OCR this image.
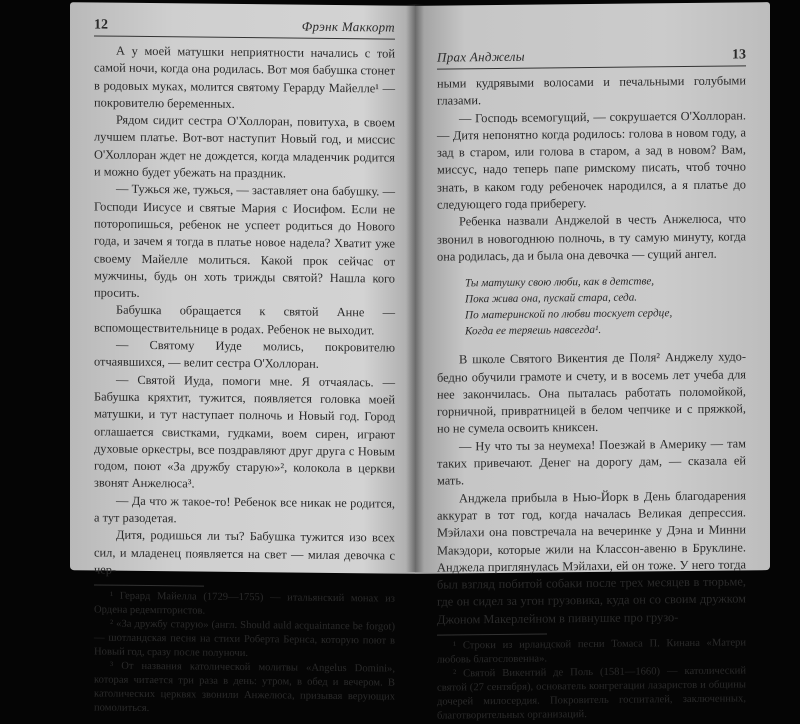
12	Фрэнк Маккорт

А у моей матушки неприятности начались с той самой ночи, когда она родилась. Вот моя бабушка стонет в родовых муках, молится святому Герарду Майелле¹ — покровителю беременных.

Рядом сидит сестра О'Холлоран, повитуха, в своем лучшем платье. Вот-вот наступит Новый год, и миссис О'Холлоран ждет не дождется, когда младенчик родится и можно будет убежать на праздник.

— Тужься же, тужься, — заставляет она бабушку. — Господи Иисусе и святые Мария с Иосифом. Если не поторопишься, ребенок не успеет родиться до Нового года, и зачем я тогда в платье новое надела? Хватит уже своему Майелле молиться. Какой прок сейчас от мужчины, будь он хоть трижды святой? Нашла кого просить.

Бабушка обращается к святой Анне — вспомоществительнице в родах. Ребенок не выходит.

— Святому Иуде молись, покровителю отчаявшихся, — велит сестра О'Холлоран.

— Святой Иуда, помоги мне. Я отчаялась. — Бабушка кряхтит, тужится, появляется головка моей матушки, и тут наступает полночь и Новый год. Город оглашается свистками, гудками, воем сирен, играют духовые оркестры, все поздравляют друг друга с Новым годом, поют «За дружбу старую»², колокола в церкви звонят Анжелюса³.

— Да что ж такое-то! Ребенок все никак не родится, а тут разодетая.

Дитя, родишься ли ты? Бабушка тужится изо всех сил, и младенец появляется на свет — милая девочка с чер-

¹ Герард Майелла (1729—1755) — итальянский монах из Ордена редемптористов.

² «За дружбу старую» (англ. Should auld acquaintance be forgot) — шотландская песня на стихи Роберта Бернса, которую поют в Новый год, сразу после полуночи.

³ От названия католической молитвы «Angelus Domini», которая читается три раза в день: утром, в обед и вечером. В католических церквях звонили Анжелюса, призывая верующих помолиться.

Прах Анджелы	13

ными кудрявыми волосами и печальными голубыми глазами.

— Господь всемогущий, — сокрушается О'Холлоран. — Дитя непонятно когда родилось: голова в новом году, а зад в старом, или голова в старом, а зад в новом? Вам, миссус, надо теперь папе римскому писать, чтоб точно знать, в каком году ребеночек народился, а я платье до следующего года приберегу.

Ребенка назвали Анджелой в честь Анжелюса, что звонил в новогоднюю полночь, в ту самую минуту, когда она родилась, да и была она девочка — сущий ангел.

Ты матушку свою люби, как в детстве,
Пока жива она, пускай стара, седа.
По материнской по любви тоскует сердце,
Когда ее теряешь навсегда¹.

В школе Святого Викентия де Поля² Анджелу худо-бедно обучили грамоте и счету, и в восемь лет учеба для нее закончилась. Она пыталась работать поломойкой, горничной, привратницей в белом чепчике и с пряжкой, но не сумела освоить книксен.

— Ну что ты за неумеха! Поезжай в Америку — там таких привечают. Денег на дорогу дам, — сказала ей мать.

Анджела прибыла в Нью-Йорк в День благодарения аккурат в тот год, когда началась Великая депрессия. Мэйлахи она повстречала на вечеринке у Дэна и Минни Макэдори, которые жили на Классон-авеню в Бруклине. Анджела приглянулась Мэйлахи, ей он тоже. У него тогда был взгляд побитой собаки после трех месяцев в тюрьме, где он сидел за угон грузовика, куда он со своим дружком Джоном Макерлейном в пивнушке про грузо-

¹ Строки из ирландской песни Томаса П. Кинана «Матери любовь благословенна».

² Святой Викентий де Поль (1581—1660) — католический святой (27 сентября), основатель конгрегации лазаристов и общины дочерей милосердия. Покровитель госпиталей, заключенных, благотворительных организаций.
